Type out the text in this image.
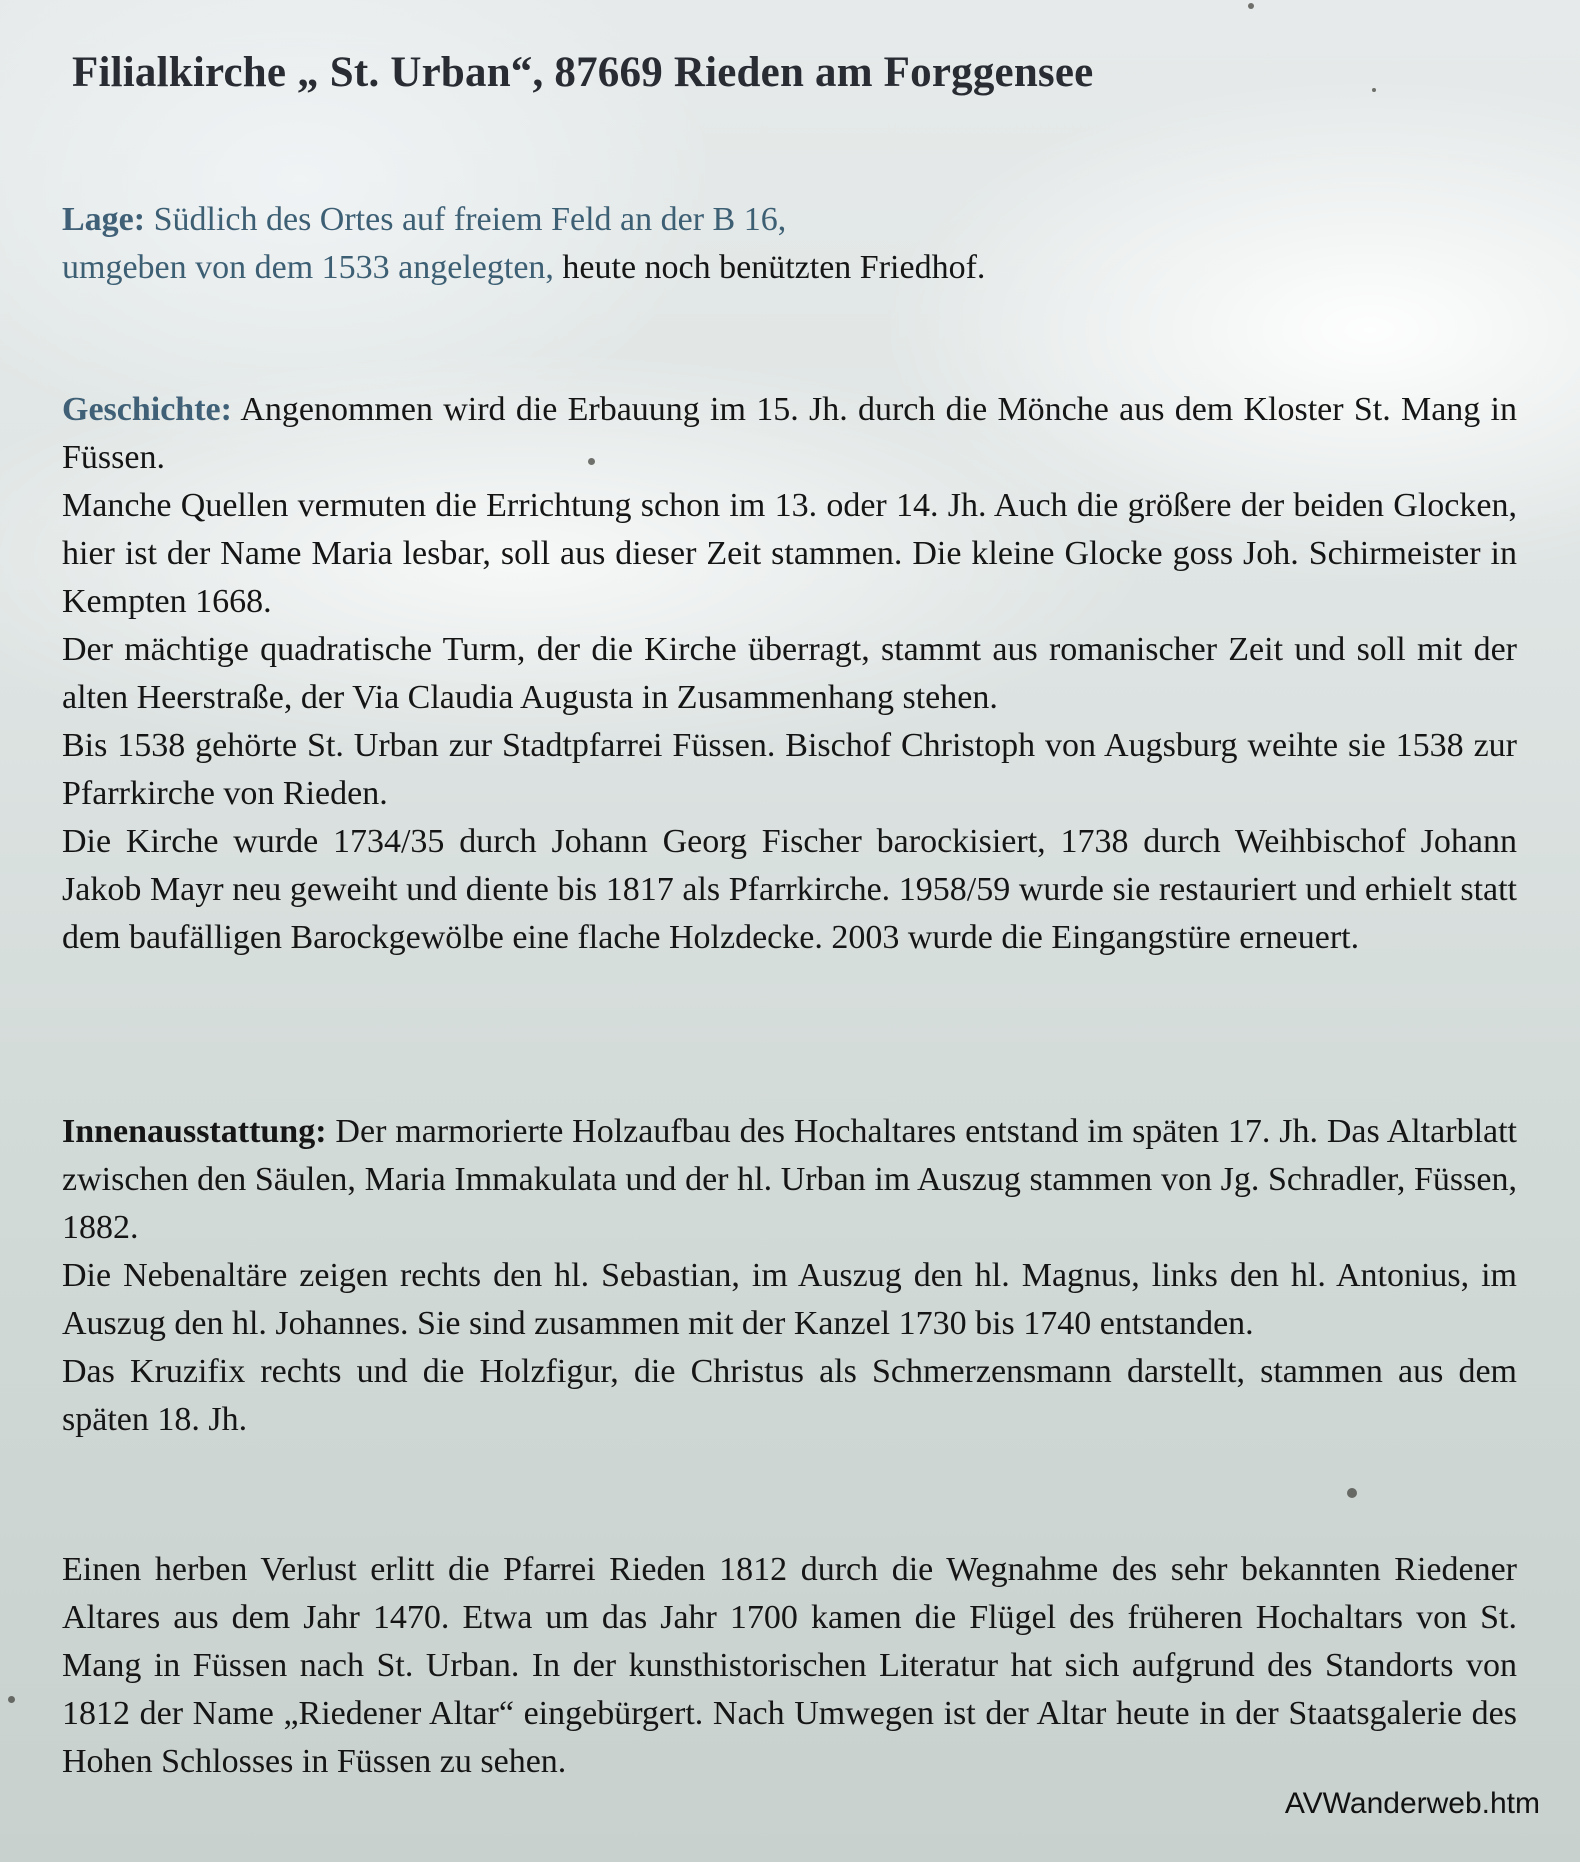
Filialkirche „ St. Urban“, 87669 Rieden am Forggensee

Lage: Südlich des Ortes auf freiem Feld an der B 16,

umgeben von dem 1533 angelegten, heute noch benützten Friedhof.

Geschichte: Angenommen wird die Erbauung im 15. Jh. durch die Mönche aus dem Kloster St. Mang in Füssen.

Manche Quellen vermuten die Errichtung schon im 13. oder 14. Jh. Auch die größere der beiden Glocken, hier ist der Name Maria lesbar, soll aus dieser Zeit stammen. Die kleine Glocke goss Joh. Schirmeister in Kempten 1668.

Der mächtige quadratische Turm, der die Kirche überragt, stammt aus romanischer Zeit und soll mit der alten Heerstraße, der Via Claudia Augusta in Zusammenhang stehen.

Bis 1538 gehörte St. Urban zur Stadtpfarrei Füssen. Bischof Christoph von Augsburg weihte sie 1538 zur Pfarrkirche von Rieden.

Die Kirche wurde 1734/35 durch Johann Georg Fischer barockisiert, 1738 durch Weihbischof Johann Jakob Mayr neu geweiht und diente bis 1817 als Pfarrkirche. 1958/59 wurde sie restauriert und erhielt statt dem baufälligen Barockgewölbe eine flache Holzdecke. 2003 wurde die Eingangstüre erneuert.

Innenausstattung: Der marmorierte Holzaufbau des Hochaltares entstand im späten 17. Jh. Das Altarblatt zwischen den Säulen, Maria Immakulata und der hl. Urban im Auszug stammen von Jg. Schradler, Füssen, 1882.

Die Nebenaltäre zeigen rechts den hl. Sebastian, im Auszug den hl. Magnus, links den hl. Antonius, im Auszug den hl. Johannes. Sie sind zusammen mit der Kanzel 1730 bis 1740 entstanden.

Das Kruzifix rechts und die Holzfigur, die Christus als Schmerzensmann darstellt, stammen aus dem späten 18. Jh.

Einen herben Verlust erlitt die Pfarrei Rieden 1812 durch die Wegnahme des sehr bekannten Riedener Altares aus dem Jahr 1470. Etwa um das Jahr 1700 kamen die Flügel des früheren Hochaltars von St. Mang in Füssen nach St. Urban. In der kunsthistorischen Literatur hat sich aufgrund des Standorts von 1812 der Name „Riedener Altar“ eingebürgert. Nach Umwegen ist der Altar heute in der Staatsgalerie des Hohen Schlosses in Füssen zu sehen.

AVWanderweb.htm
